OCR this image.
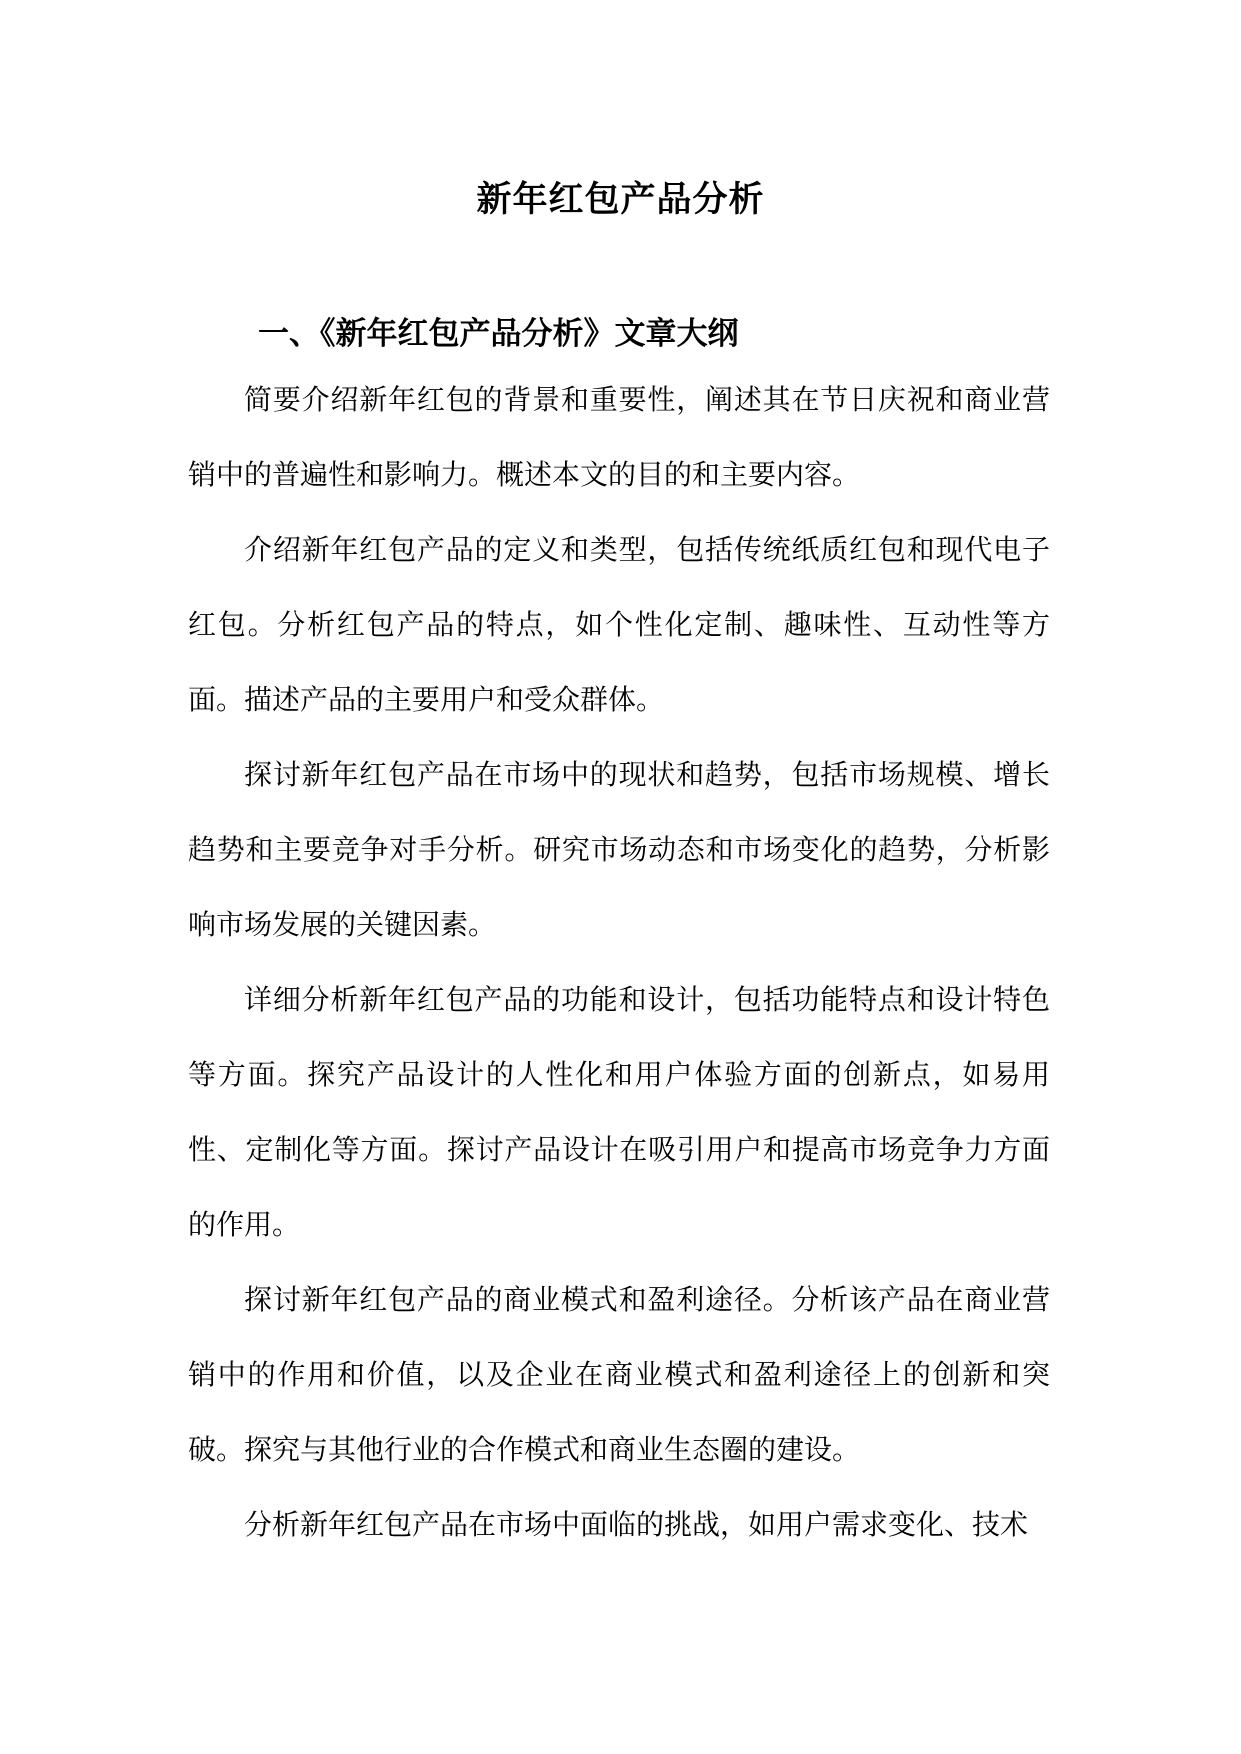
新年红包产品分析
一、《新年红包产品分析》文章大纲

简要介绍新年红包的背景和重要性，阐述其在节日庆祝和商业营销中的普遍性和影响力。概述本文的目的和主要内容。

介绍新年红包产品的定义和类型，包括传统纸质红包和现代电子红包。分析红包产品的特点，如个性化定制、趣味性、互动性等方面。描述产品的主要用户和受众群体。

探讨新年红包产品在市场中的现状和趋势，包括市场规模、增长趋势和主要竞争对手分析。研究市场动态和市场变化的趋势，分析影响市场发展的关键因素。

详细分析新年红包产品的功能和设计，包括功能特点和设计特色等方面。探究产品设计的人性化和用户体验方面的创新点，如易用性、定制化等方面。探讨产品设计在吸引用户和提高市场竞争力方面的作用。

探讨新年红包产品的商业模式和盈利途径。分析该产品在商业营销中的作用和价值，以及企业在商业模式和盈利途径上的创新和突破。探究与其他行业的合作模式和商业生态圈的建设。

分析新年红包产品在市场中面临的挑战，如用户需求变化、技术
